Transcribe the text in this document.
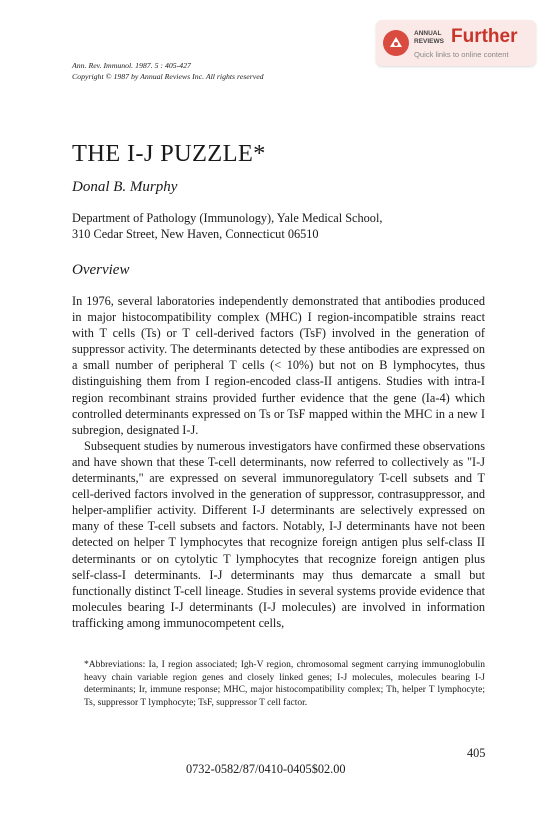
Ann. Rev. Immunol. 1987. 5 : 405-427
Copyright © 1987 by Annual Reviews Inc. All rights reserved
ANNUAL
REVIEWS Further
Quick links to online content
THE I-J PUZZLE*
Donal B. Murphy
Department of Pathology (Immunology), Yale Medical School,
310 Cedar Street, New Haven, Connecticut 06510
Overview

In 1976, several laboratories independently demonstrated that antibodies produced in major histocompatibility complex (MHC) I region-incompatible strains react with T cells (Ts) or T cell-derived factors (TsF) involved in the generation of suppressor activity. The determinants detected by these antibodies are expressed on a small number of peripheral T cells (< 10%) but not on B lymphocytes, thus distinguishing them from I region-encoded class-II antigens. Studies with intra-I region recombinant strains provided further evidence that the gene (Ia-4) which controlled determinants expressed on Ts or TsF mapped within the MHC in a new I subregion, designated I-J.

Subsequent studies by numerous investigators have confirmed these observations and have shown that these T-cell determinants, now referred to collectively as "I-J determinants," are expressed on several immunoregulatory T-cell subsets and T cell-derived factors involved in the generation of suppressor, contrasuppressor, and helper-amplifier activity. Different I-J determinants are selectively expressed on many of these T-cell subsets and factors. Notably, I-J determinants have not been detected on helper T lymphocytes that recognize foreign antigen plus self-class II determinants or on cytolytic T lymphocytes that recognize foreign antigen plus self-class-I determinants. I-J determinants may thus demarcate a small but functionally distinct T-cell lineage. Studies in several systems provide evidence that molecules bearing I-J determinants (I-J molecules) are involved in information trafficking among immunocompetent cells,

*Abbreviations: Ia, I region associated; Igh-V region, chromosomal segment carrying immunoglobulin heavy chain variable region genes and closely linked genes; I-J molecules, molecules bearing I-J determinants; Ir, immune response; MHC, major histocompatibility complex; Th, helper T lymphocyte; Ts, suppressor T lymphocyte; TsF, suppressor T cell factor.
405
0732-0582/87/0410-0405$02.00
